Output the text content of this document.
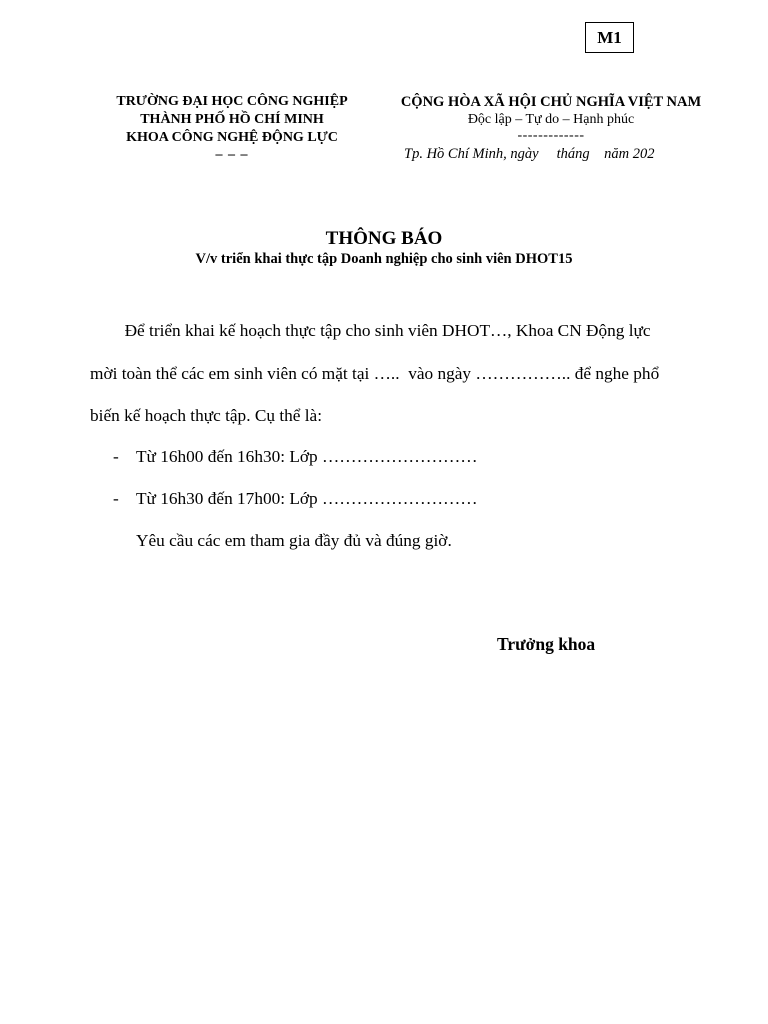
M1
TRƯỜNG ĐẠI HỌC CÔNG NGHIỆP
THÀNH PHỐ HỒ CHÍ MINH
KHOA CÔNG NGHỆ ĐỘNG LỰC
– – –
CỘNG HÒA XÃ HỘI CHỦ NGHĨA VIỆT NAM
Độc lập – Tự do – Hạnh phúc
-------------
Tp. Hồ Chí Minh, ngày     tháng    năm 202
THÔNG BÁO
V/v triển khai thực tập Doanh nghiệp cho sinh viên DHOT15
Để triển khai kế hoạch thực tập cho sinh viên DHOT…, Khoa CN Động lực
mời toàn thể các em sinh viên có mặt tại …..  vào ngày …………….. để nghe phổ
biến kế hoạch thực tập. Cụ thể là:
- Từ 16h00 đến 16h30: Lớp ………………………
- Từ 16h30 đến 17h00: Lớp ………………………
Yêu cầu các em tham gia đầy đủ và đúng giờ.
Trưởng khoa
